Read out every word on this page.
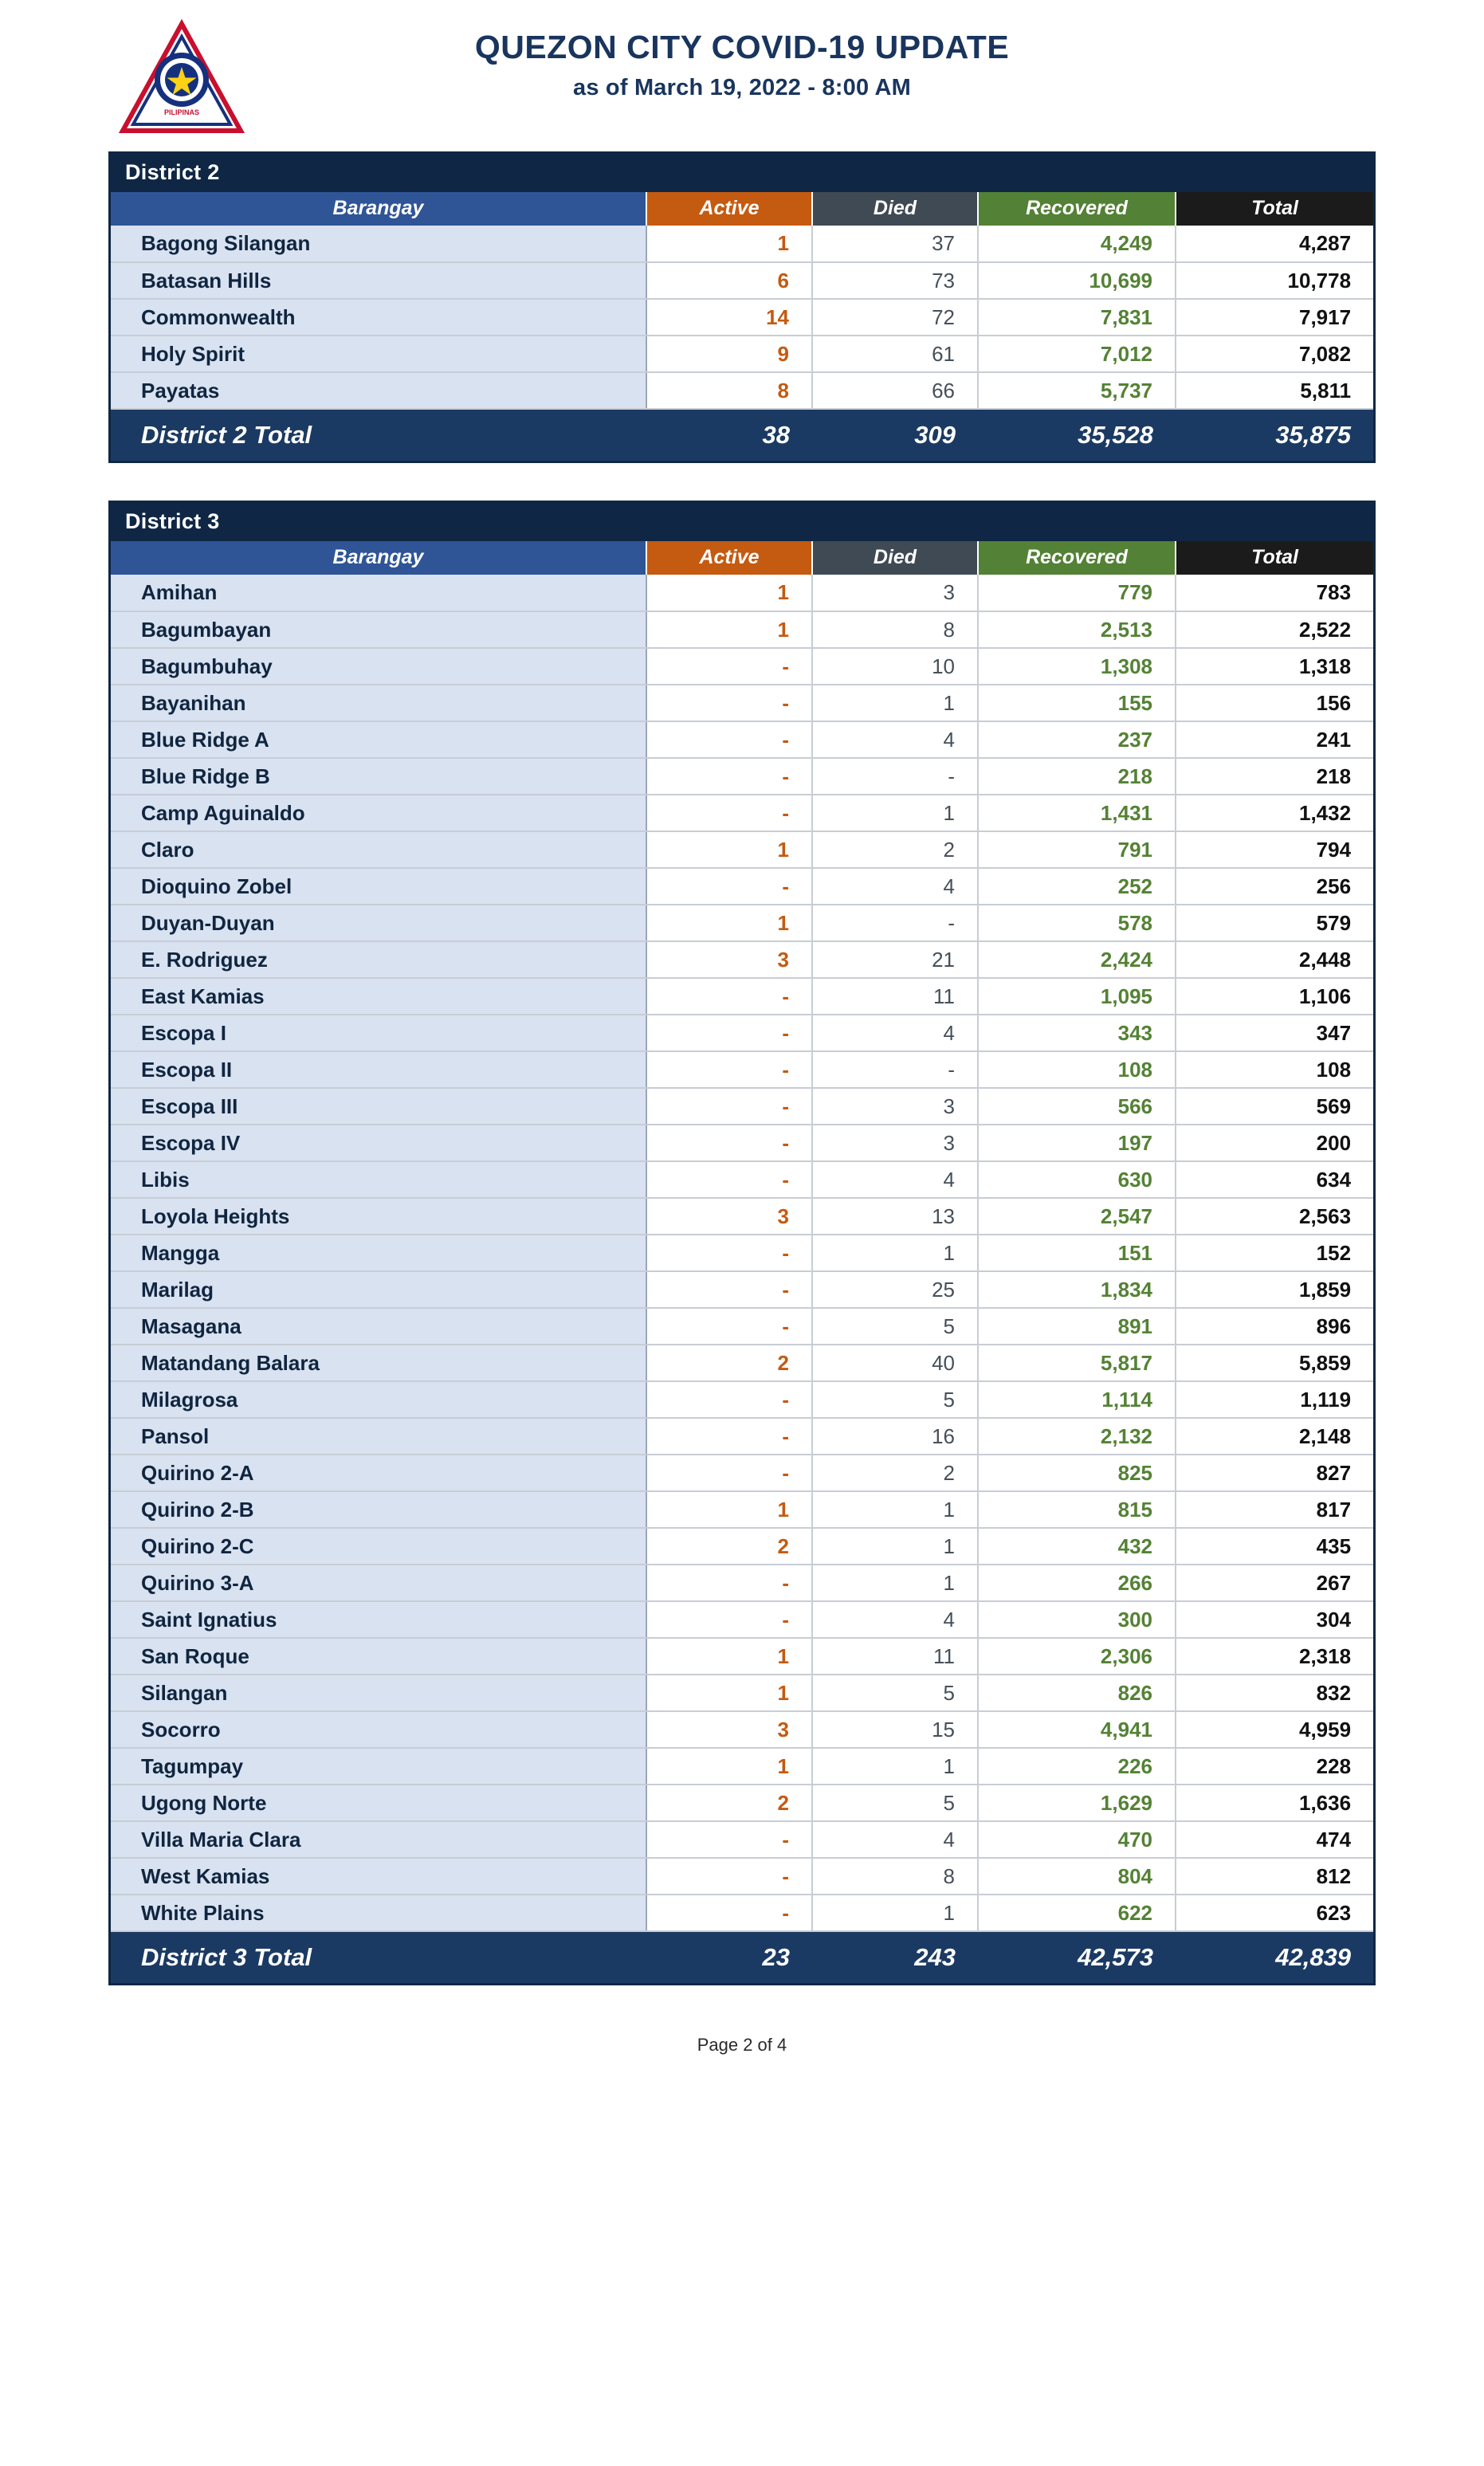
PILIPINAS
QUEZON CITY COVID-19 UPDATE
as of March 19, 2022 - 8:00 AM
District 2				
Barangay	Active	Died	Recovered	Total
Bagong Silangan	1	37	4,249	4,287
Batasan Hills	6	73	10,699	10,778
Commonwealth	14	72	7,831	7,917
Holy Spirit	9	61	7,012	7,082
Payatas	8	66	5,737	5,811
District 2 Total	38	309	35,528	35,875
District 3				
Barangay	Active	Died	Recovered	Total
Amihan	1	3	779	783
Bagumbayan	1	8	2,513	2,522
Bagumbuhay	-	10	1,308	1,318
Bayanihan	-	1	155	156
Blue Ridge A	-	4	237	241
Blue Ridge B	-	-	218	218
Camp Aguinaldo	-	1	1,431	1,432
Claro	1	2	791	794
Dioquino Zobel	-	4	252	256
Duyan-Duyan	1	-	578	579
E. Rodriguez	3	21	2,424	2,448
East Kamias	-	11	1,095	1,106
Escopa I	-	4	343	347
Escopa II	-	-	108	108
Escopa III	-	3	566	569
Escopa IV	-	3	197	200
Libis	-	4	630	634
Loyola Heights	3	13	2,547	2,563
Mangga	-	1	151	152
Marilag	-	25	1,834	1,859
Masagana	-	5	891	896
Matandang Balara	2	40	5,817	5,859
Milagrosa	-	5	1,114	1,119
Pansol	-	16	2,132	2,148
Quirino 2-A	-	2	825	827
Quirino 2-B	1	1	815	817
Quirino 2-C	2	1	432	435
Quirino 3-A	-	1	266	267
Saint Ignatius	-	4	300	304
San Roque	1	11	2,306	2,318
Silangan	1	5	826	832
Socorro	3	15	4,941	4,959
Tagumpay	1	1	226	228
Ugong Norte	2	5	1,629	1,636
Villa Maria Clara	-	4	470	474
West Kamias	-	8	804	812
White Plains	-	1	622	623
District 3 Total	23	243	42,573	42,839
Page 2 of 4
